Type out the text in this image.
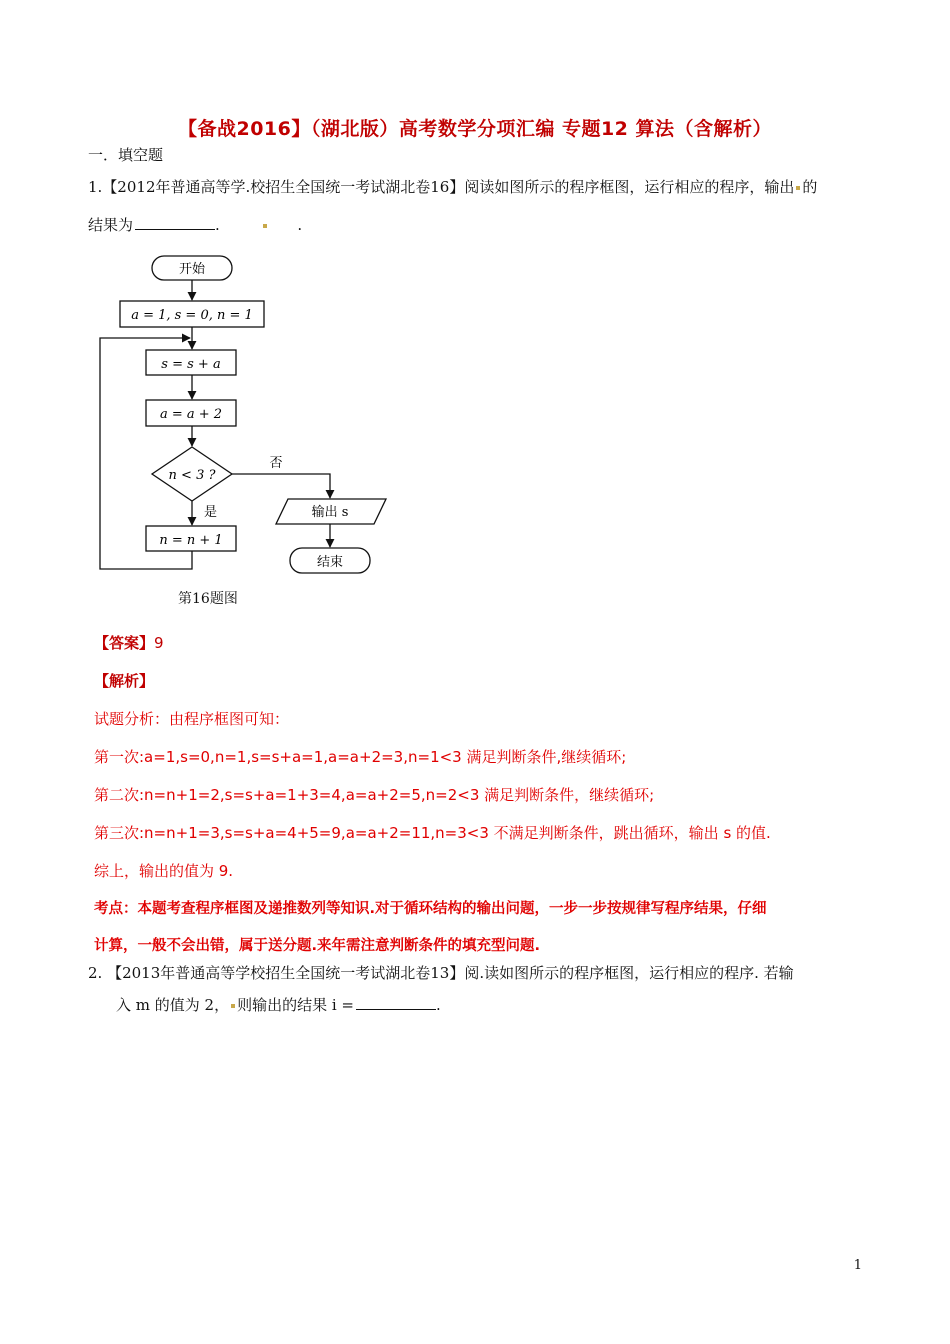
【备战2016】（湖北版）高考数学分项汇编 专题12 算法（含解析）
一．填空题
1.【2012年普通高等学.校招生全国统一考试湖北卷16】阅读如图所示的程序框图，运行相应的程序，输出 的
结果为	.	.
开始
a = 1, s = 0, n = 1
s = s + a
a = a + 2
n < 3 ?
否
输出 s
结束
是
n = n + 1
第16题图
【答案】9
【解析】
试题分析：由程序框图可知：
第一次:a=1,s=0,n=1,s=s+a=1,a=a+2=3,n=1<3 满足判断条件,继续循环;
第二次:n=n+1=2,s=s+a=1+3=4,a=a+2=5,n=2<3 满足判断条件，继续循环;
第三次:n=n+1=3,s=s+a=4+5=9,a=a+2=11,n=3<3 不满足判断条件，跳出循环，输出 s 的值.
综上，输出的值为 9.
考点：本题考查程序框图及递推数列等知识.对于循环结构的输出问题，一步一步按规律写程序结果，仔细
计算，一般不会出错，属于送分题.来年需注意判断条件的填充型问题.
2. 【2013年普通高等学校招生全国统一考试湖北卷13】阅.读如图所示的程序框图，运行相应的程序. 若输
入 m 的值为 2， 则输出的结果 i =	.
1
